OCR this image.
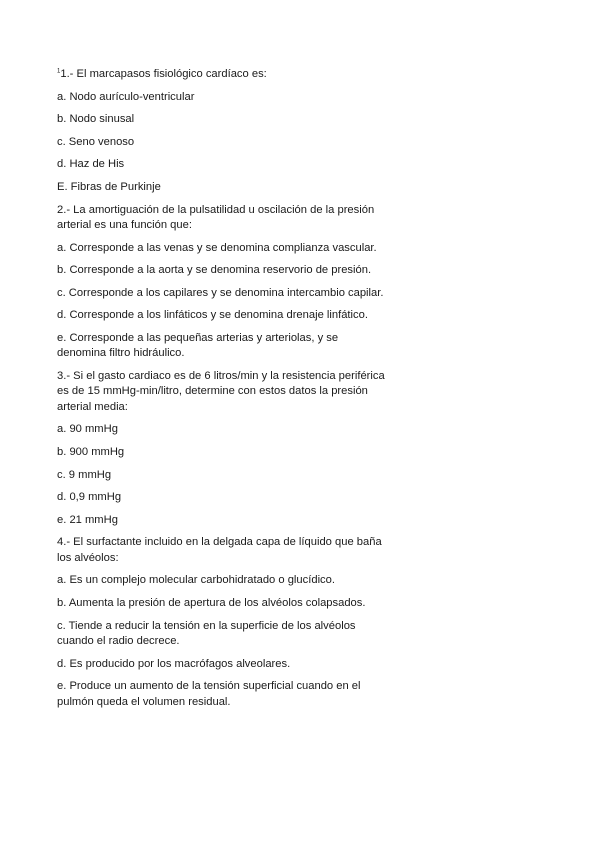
$^1$1.- El marcapasos fisiológico cardíaco es:

a. Nodo aurículo-ventricular

b. Nodo sinusal

c. Seno venoso

d. Haz de His

E. Fibras de Purkinje

2.- La amortiguación de la pulsatilidad u oscilación de la presión arterial es una función que:

a. Corresponde a las venas y se denomina complianza vascular.

b. Corresponde a la aorta y se denomina reservorio de presión.

c. Corresponde a los capilares y se denomina intercambio capilar.

d. Corresponde a los linfáticos y se denomina drenaje linfático.

e. Corresponde a las pequeñas arterias y arteriolas, y se denomina filtro hidráulico.

3.- Si el gasto cardiaco es de 6 litros/min y la resistencia periférica es de 15 mmHg-min/litro, determine con estos datos la presión arterial media:

a. 90 mmHg

b. 900 mmHg

c. 9 mmHg

d. 0,9 mmHg

e. 21 mmHg

4.- El surfactante incluido en la delgada capa de líquido que baña los alvéolos:

a. Es un complejo molecular carbohidratado o glucídico.

b. Aumenta la presión de apertura de los alvéolos colapsados.

c. Tiende a reducir la tensión en la superficie de los alvéolos cuando el radio decrece.

d. Es producido por los macrófagos alveolares.

e. Produce un aumento de la tensión superficial cuando en el pulmón queda el volumen residual.
